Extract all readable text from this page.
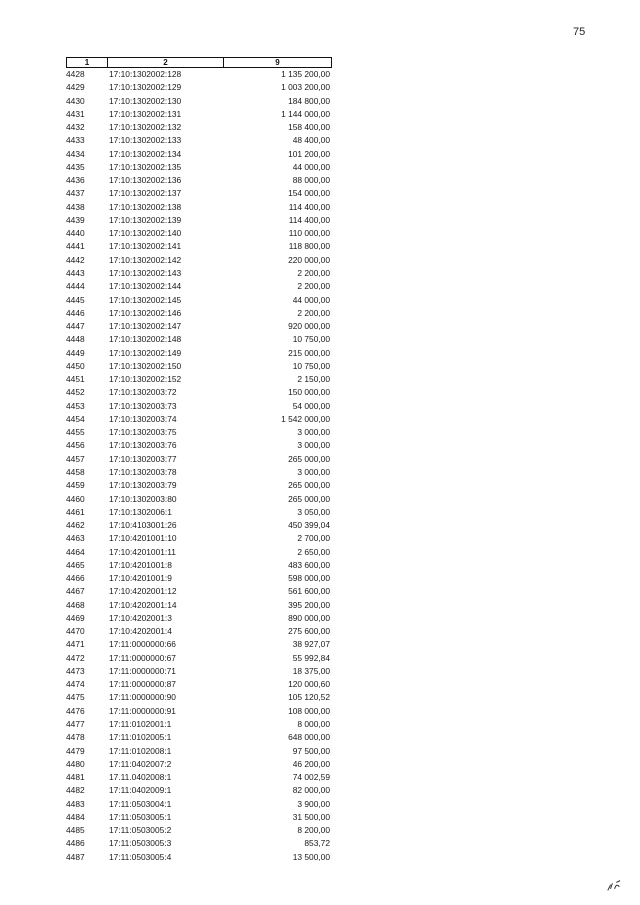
75
1	2	9
4428	17:10:1302002:128	1 135 200,00
4429	17:10:1302002:129	1 003 200,00
4430	17:10:1302002:130	184 800,00
4431	17:10:1302002:131	1 144 000,00
4432	17:10:1302002:132	158 400,00
4433	17:10:1302002:133	48 400,00
4434	17:10:1302002:134	101 200,00
4435	17:10:1302002:135	44 000,00
4436	17:10:1302002:136	88 000,00
4437	17:10:1302002:137	154 000,00
4438	17:10:1302002:138	114 400,00
4439	17:10:1302002:139	114 400,00
4440	17:10:1302002:140	110 000,00
4441	17:10:1302002:141	118 800,00
4442	17:10:1302002:142	220 000,00
4443	17:10:1302002:143	2 200,00
4444	17:10:1302002:144	2 200,00
4445	17:10:1302002:145	44 000,00
4446	17:10:1302002:146	2 200,00
4447	17:10:1302002:147	920 000,00
4448	17:10:1302002:148	10 750,00
4449	17:10:1302002:149	215 000,00
4450	17:10:1302002:150	10 750,00
4451	17:10:1302002:152	2 150,00
4452	17:10:1302003:72	150 000,00
4453	17:10:1302003:73	54 000,00
4454	17:10:1302003:74	1 542 000,00
4455	17:10:1302003:75	3 000,00
4456	17:10:1302003:76	3 000,00
4457	17:10:1302003:77	265 000,00
4458	17:10:1302003:78	3 000,00
4459	17:10:1302003:79	265 000,00
4460	17:10:1302003:80	265 000,00
4461	17:10:1302006:1	3 050,00
4462	17:10:4103001:26	450 399,04
4463	17:10:4201001:10	2 700,00
4464	17:10:4201001:11	2 650,00
4465	17:10:4201001:8	483 600,00
4466	17:10:4201001:9	598 000,00
4467	17:10:4202001:12	561 600,00
4468	17:10:4202001:14	395 200,00
4469	17:10:4202001:3	890 000,00
4470	17:10:4202001:4	275 600,00
4471	17:11:0000000:66	38 927,07
4472	17:11:0000000:67	55 992,84
4473	17:11:0000000:71	18 375,00
4474	17:11:0000000:87	120 000,60
4475	17:11:0000000:90	105 120,52
4476	17:11:0000000:91	108 000,00
4477	17:11:0102001:1	8 000,00
4478	17:11:0102005:1	648 000,00
4479	17:11:0102008:1	97 500,00
4480	17:11:0402007:2	46 200,00
4481	17.11.0402008:1	74 002,59
4482	17:11:0402009:1	82 000,00
4483	17:11:0503004:1	3 900,00
4484	17:11:0503005:1	31 500,00
4485	17:11:0503005:2	8 200,00
4486	17:11:0503005:3	853,72
4487	17:11:0503005:4	13 500,00
